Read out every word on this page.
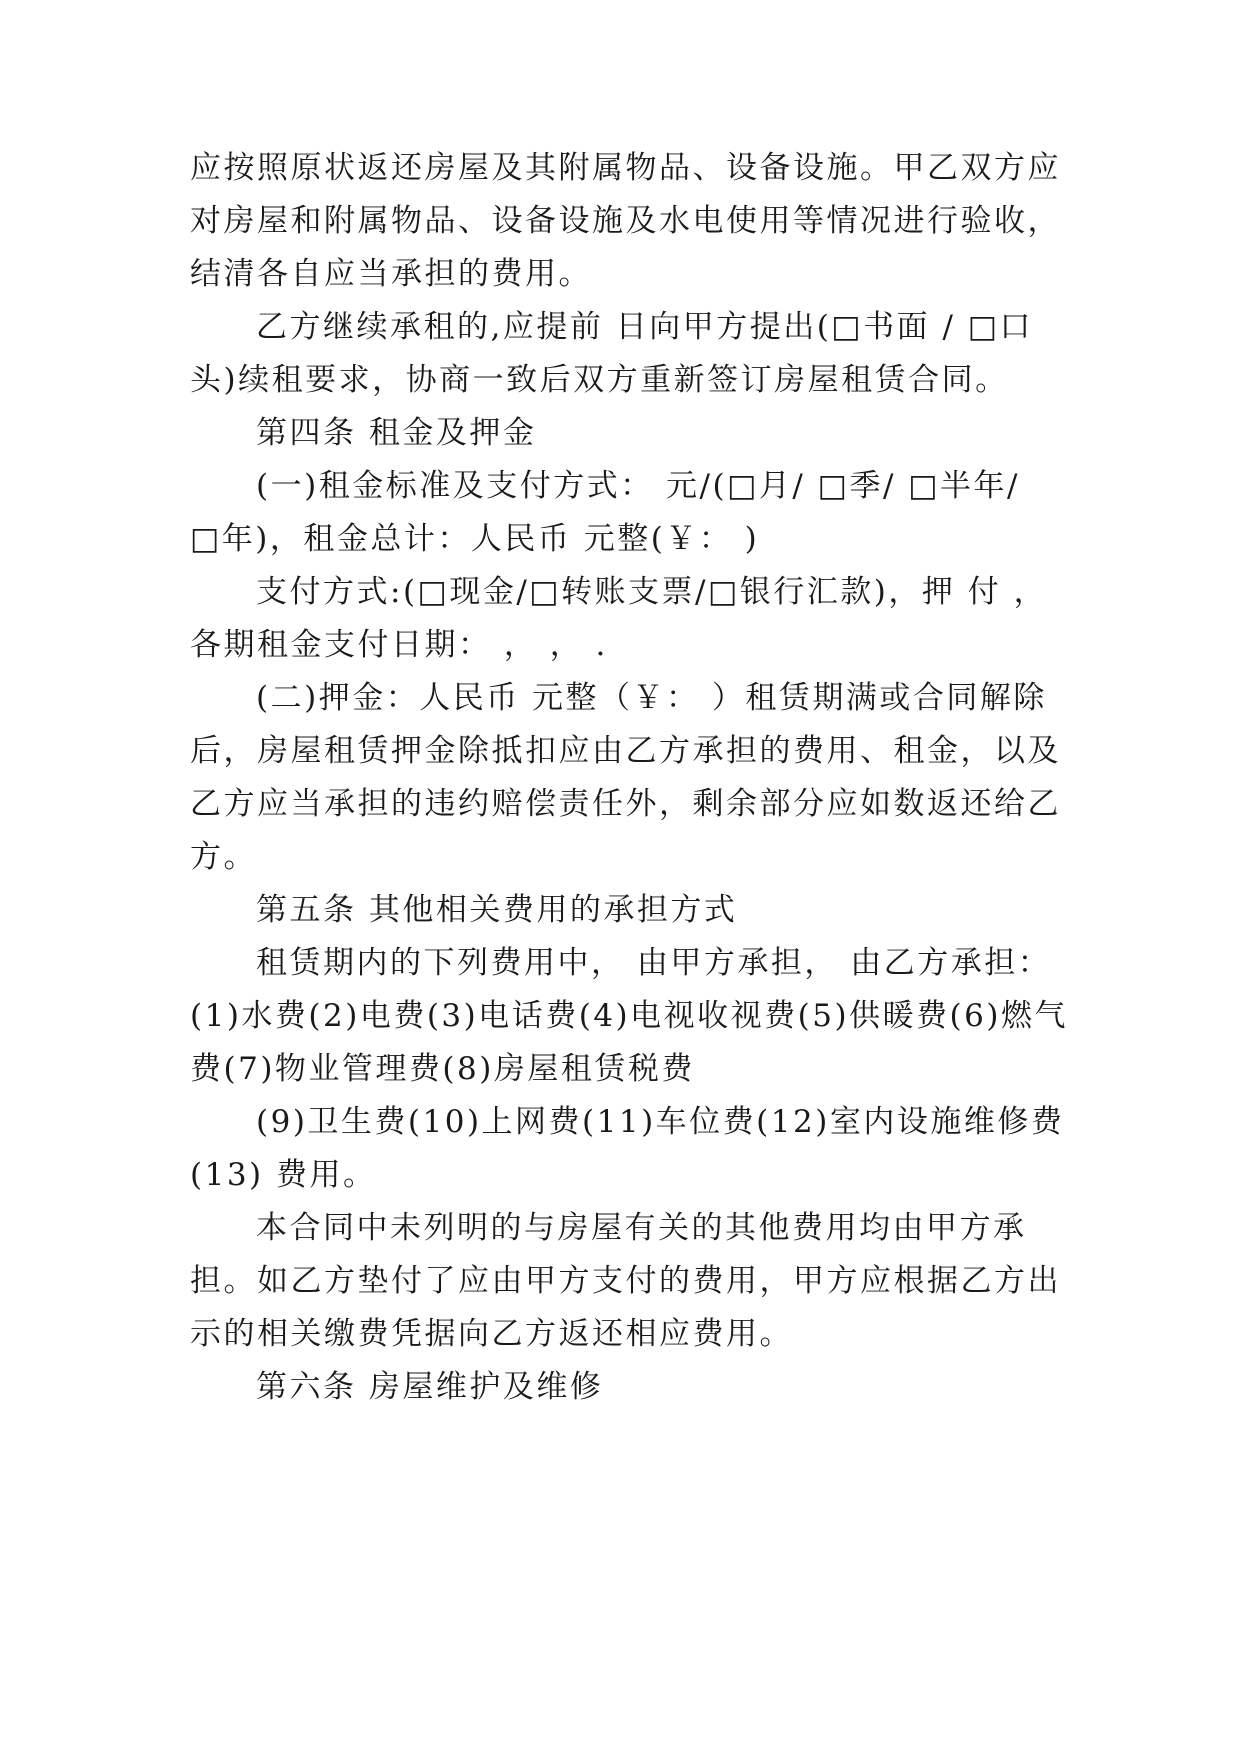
应按照原状返还房屋及其附属物品、设备设施。甲乙双方应
对房屋和附属物品、设备设施及水电使用等情况进行验收，
结清各自应当承担的费用。
乙方继续承租的,应提前 日向甲方提出(□书面 / □口
头)续租要求，协商一致后双方重新签订房屋租赁合同。
第四条 租金及押金
(一)租金标准及支付方式： 元/(□月/ □季/ □半年/
□年)，租金总计：人民币 元整(￥： )
支付方式:(□现金/□转账支票/□银行汇款)，押 付 ，
各期租金支付日期： ， ， .
(二)押金：人民币 元整（￥： ）租赁期满或合同解除
后，房屋租赁押金除抵扣应由乙方承担的费用、租金，以及
乙方应当承担的违约赔偿责任外，剩余部分应如数返还给乙
方。
第五条 其他相关费用的承担方式
租赁期内的下列费用中， 由甲方承担， 由乙方承担：
(1)水费(2)电费(3)电话费(4)电视收视费(5)供暖费(6)燃气
费(7)物业管理费(8)房屋租赁税费
(9)卫生费(10)上网费(11)车位费(12)室内设施维修费
(13) 费用。
本合同中未列明的与房屋有关的其他费用均由甲方承
担。如乙方垫付了应由甲方支付的费用，甲方应根据乙方出
示的相关缴费凭据向乙方返还相应费用。
第六条 房屋维护及维修
